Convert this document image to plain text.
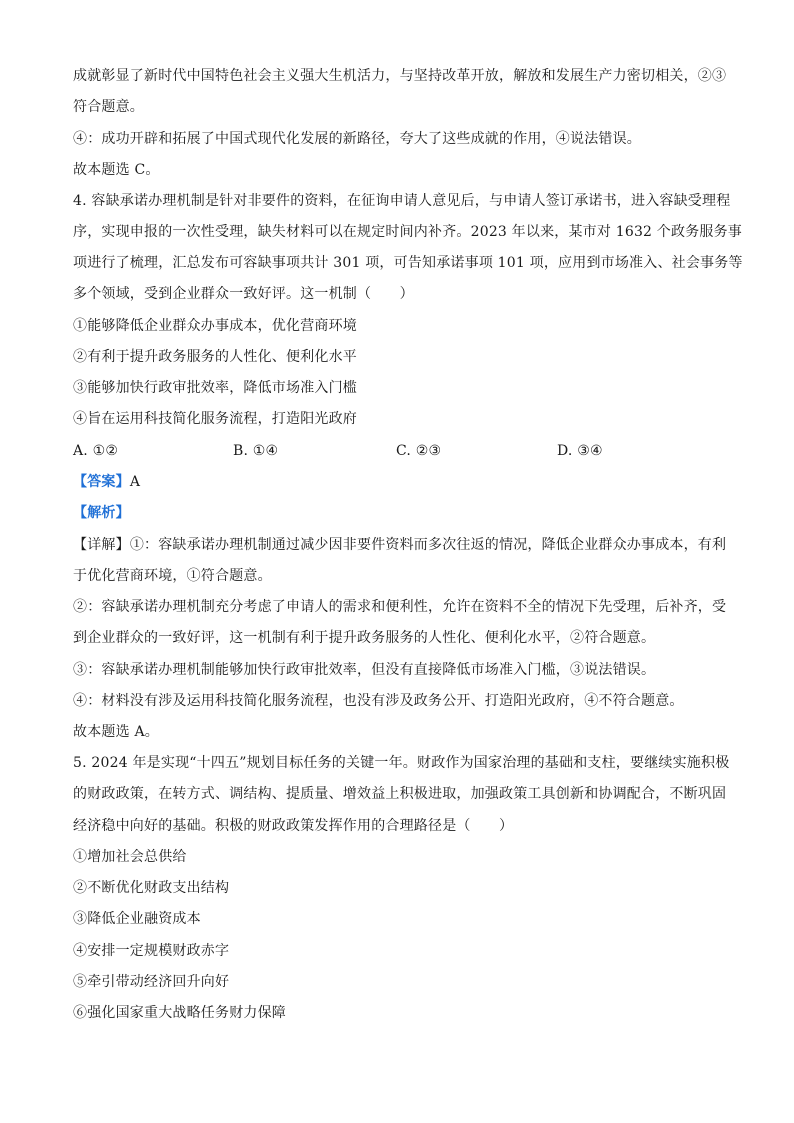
成就彰显了新时代中国特色社会主义强大生机活力，与坚持改革开放，解放和发展生产力密切相关，②③
符合题意。
④：成功开辟和拓展了中国式现代化发展的新路径，夸大了这些成就的作用，④说法错误。
故本题选 C。
4. 容缺承诺办理机制是针对非要件的资料，在征询申请人意见后，与申请人签订承诺书，进入容缺受理程
序，实现申报的一次性受理，缺失材料可以在规定时间内补齐。2023 年以来，某市对 1632 个政务服务事
项进行了梳理，汇总发布可容缺事项共计 301 项，可告知承诺事项 101 项，应用到市场准入、社会事务等
多个领域，受到企业群众一致好评。这一机制（　　）
①能够降低企业群众办事成本，优化营商环境
②有利于提升政务服务的人性化、便利化水平
③能够加快行政审批效率，降低市场准入门槛
④旨在运用科技简化服务流程，打造阳光政府
A. ①②	B. ①④	C. ②③	D. ③④
【答案】A
【解析】
【详解】①：容缺承诺办理机制通过减少因非要件资料而多次往返的情况，降低企业群众办事成本，有利
于优化营商环境，①符合题意。
②：容缺承诺办理机制充分考虑了申请人的需求和便利性，允许在资料不全的情况下先受理，后补齐，受
到企业群众的一致好评，这一机制有利于提升政务服务的人性化、便利化水平，②符合题意。
③：容缺承诺办理机制能够加快行政审批效率，但没有直接降低市场准入门槛，③说法错误。
④：材料没有涉及运用科技简化服务流程，也没有涉及政务公开、打造阳光政府，④不符合题意。
故本题选 A。
5. 2024 年是实现“十四五”规划目标任务的关键一年。财政作为国家治理的基础和支柱，要继续实施积极
的财政政策，在转方式、调结构、提质量、增效益上积极进取，加强政策工具创新和协调配合，不断巩固
经济稳中向好的基础。积极的财政政策发挥作用的合理路径是（　　）
①增加社会总供给
②不断优化财政支出结构
③降低企业融资成本
④安排一定规模财政赤字
⑤牵引带动经济回升向好
⑥强化国家重大战略任务财力保障
